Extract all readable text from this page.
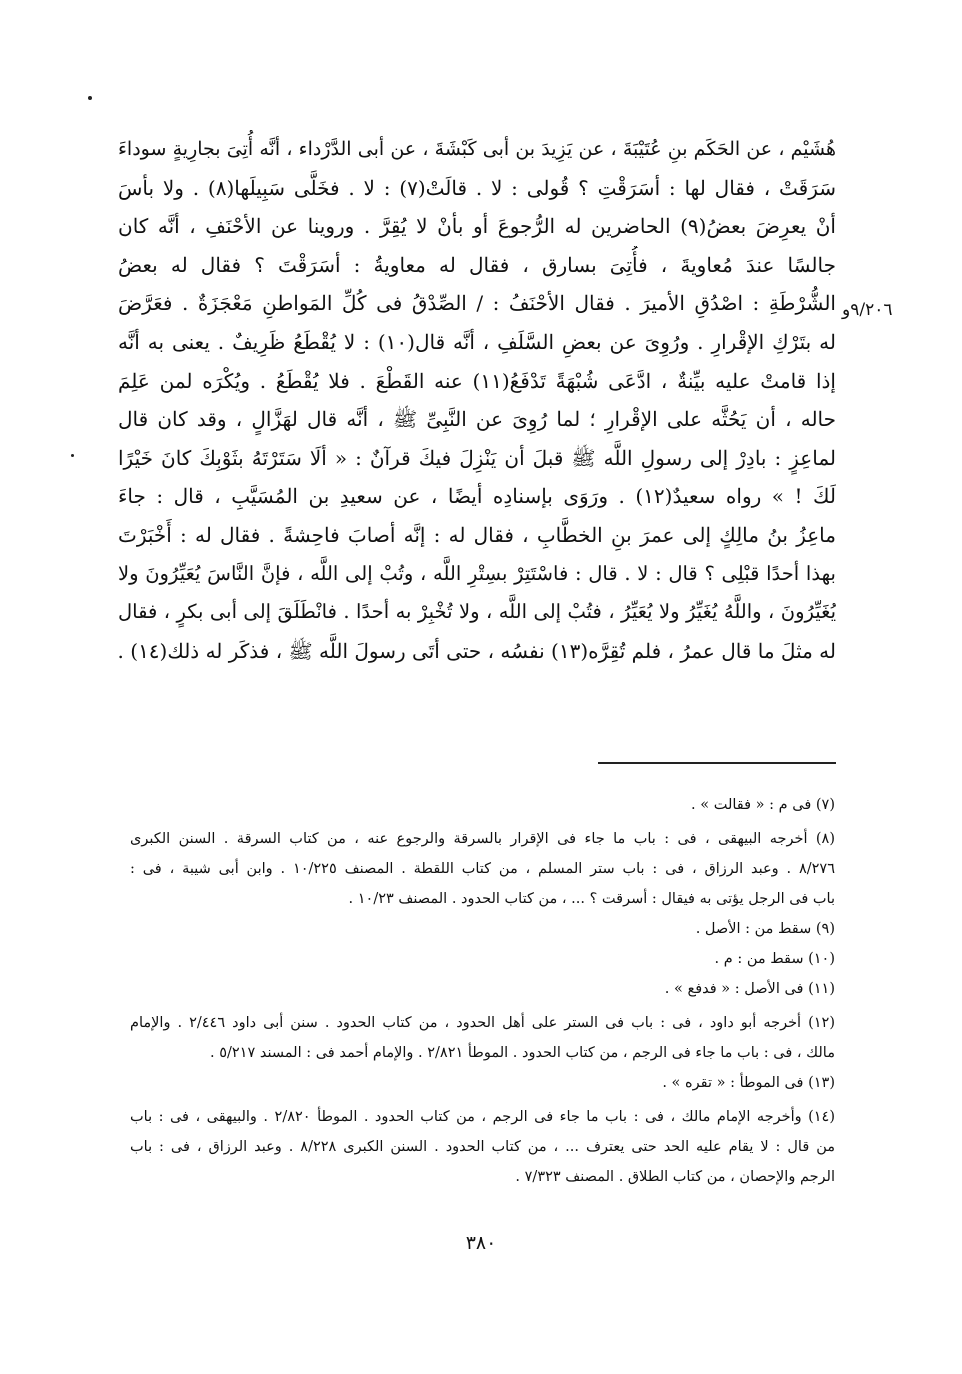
هُشَيْم ، عن الحَكَم بنِ عُتَيْبَةَ ، عن يَزِيدَ بن أبى كَبْشَةَ ، عن أبى الدَّرْداء ، أنَّه أُتِىَ بجارِيةٍ سوداءَ
سَرَقَتْ ، فقال لها : أسَرَقْتِ ؟ قُولى : لا . قالَتْ(٧) : لا . فخَلَّى سَبِيلَها(٨) . ولا بأسَ
أنْ يعرِضَ بعضُ(٩) الحاضرين له الرُّجوعَ أو بأنْ لا يُقِرَّ . وروينا عن الأحْنَفِ ، أنَّه كان
جالسًا عندَ مُعاويةَ ، فأُتِىَ بسارق ، فقال له معاويةُ : أسَرَقْتَ ؟ فقال له بعضُ
الشُّرْطَةِ : اصْدُقِ الأميرَ . فقال الأحْنَفُ : / الصِّدْقُ فى كُلِّ المَواطنِ مَعْجَزَةٌ . فعَرَّضَ
له بتَرْكِ الإقْرارِ . ورُوِىَ عن بعضِ السَّلَفِ ، أنَّه قال(١٠) : لا يُقْطَعُ ظَرِيفٌ . يعنى به أنَّه
إذا قامتْ عليه بيِّنةٌ ، ادَّعَى شُبْهَةً تَدْفَعُ(١١) عنه القَطْعَ . فلا يُقْطَعُ . ويُكْرَه لمن عَلِمَ
حاله ، أن يَحُثَّه على الإقْرارِ ؛ لما رُوِىَ عن النَّبِىِّ ﷺ ، أنَّه قال لهَزَّالٍ ، وقد كان قال
لماعِزٍ : بادِرْ إلى رسولِ اللَّه ﷺ قبلَ أن يَنْزِلَ فيكَ قرآنٌ : « ألَا سَتَرْتَهُ بثَوْبِكَ كانَ خَيْرًا
لَكَ ! » رواه سعيدٌ(١٢) . ورَوَى بإسنادِه أيضًا ، عن سعيدِ بن المُسَيَّبِ ، قال : جاءَ
ماعِزُ بنُ مالِكٍ إلى عمرَ بنِ الخطَّابِ ، فقال له : إنَّه أصابَ فاحِشةً . فقال له : أَخْبَرْتَ
بهذا أحدًا قبْلِى ؟ قال : لا . قال : فاسْتَتِرْ بسِتْرِ اللَّه ، وتُبْ إلى اللَّه ، فإنَّ النَّاسَ يُعَيِّرُونَ ولا
يُغَيِّرُونَ ، واللَّهُ يُغَيِّرُ ولا يُعَيِّرُ ، فتُبْ إلى اللَّه ، ولا تُخْبِرْ به أحدًا . فانْطَلَقَ إلى أبى بكرٍ ، فقال
له مثلَ ما قال عمرُ ، فلم تُقِرَّه(١٣) نفسُه ، حتى أتَى رسولَ اللَّه ﷺ ، فذكَر له ذلك(١٤) .
٩/٢٠٦و
(٧) فى م : « فقالت » .
(٨) أخرجه البيهقى ، فى : باب ما جاء فى الإقرار بالسرقة والرجوع عنه ، من كتاب السرقة . السنن الكبرى
٨/٢٧٦ . وعبد الرزاق ، فى : باب ستر المسلم ، من كتاب اللقطة . المصنف ١٠/٢٢٥ . وابن أبى شيبة ، فى :
باب فى الرجل يؤتى به فيقال : أسرقت ؟ ... ، من كتاب الحدود . المصنف ١٠/٢٣ .
(٩) سقط من : الأصل .
(١٠) سقط من : م .
(١١) فى الأصل : « فدفع » .
(١٢) أخرجه أبو داود ، فى : باب فى الستر على أهل الحدود ، من كتاب الحدود . سنن أبى داود ٢/٤٤٦ . والإمام
مالك ، فى : باب ما جاء فى الرجم ، من كتاب الحدود . الموطأ ٢/٨٢١ . والإمام أحمد فى : المسند ٥/٢١٧ .
(١٣) فى الموطأ : « تقره » .
(١٤) وأخرجه الإمام مالك ، فى : باب ما جاء فى الرجم ، من كتاب الحدود . الموطأ ٢/٨٢٠ . والبيهقى ، فى : باب
من قال : لا يقام عليه الحد حتى يعترف ... ، من كتاب الحدود . السنن الكبرى ٨/٢٢٨ . وعبد الرزاق ، فى : باب
الرجم والإحصان ، من كتاب الطلاق . المصنف ٧/٣٢٣ .
٣٨٠
